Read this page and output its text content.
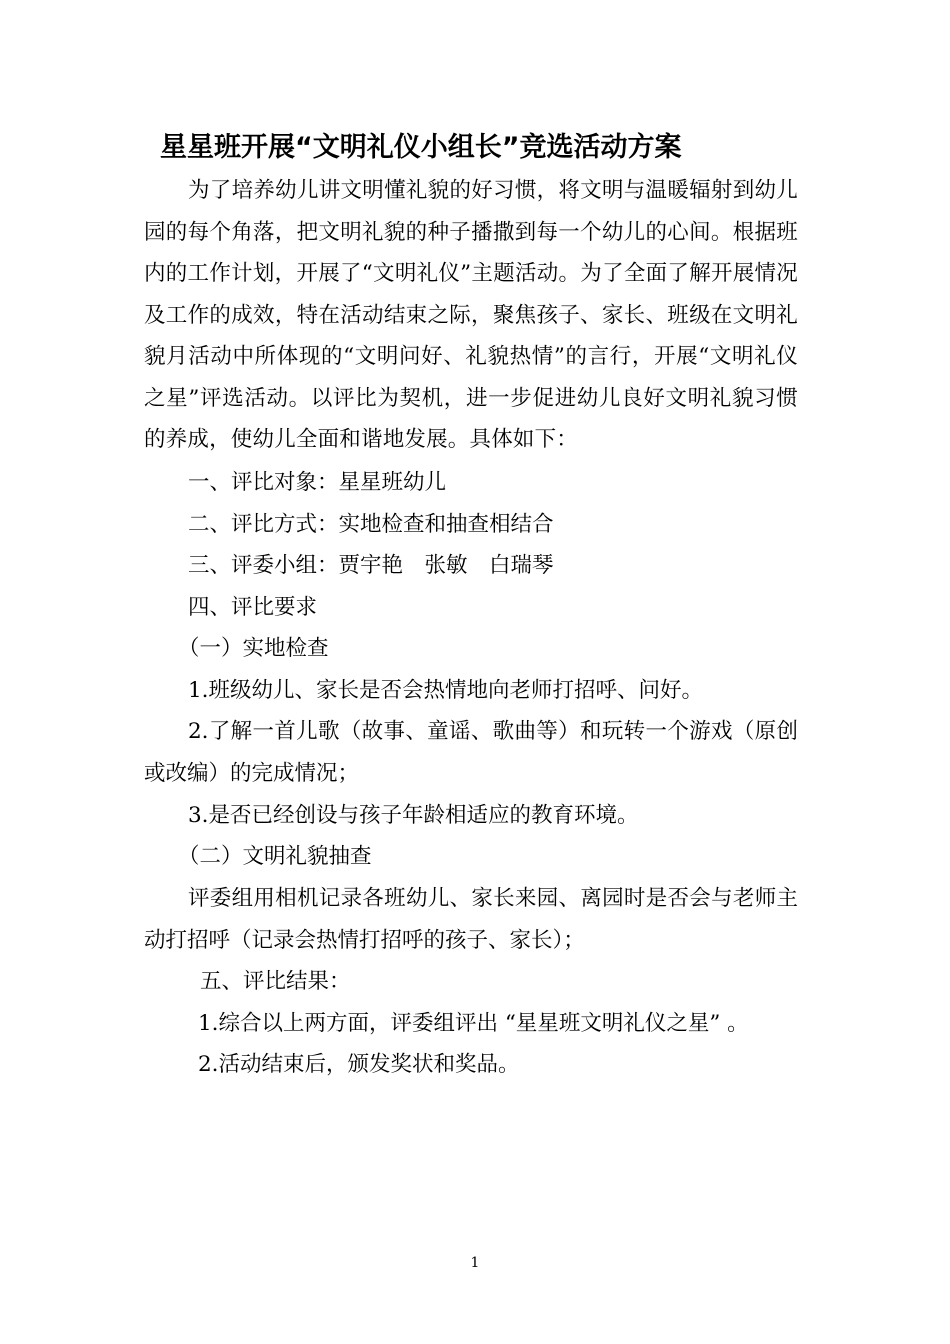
星星班开展“文明礼仪小组长”竞选活动方案

为了培养幼儿讲文明懂礼貌的好习惯，将文明与温暖辐射到幼儿园的每个角落，把文明礼貌的种子播撒到每一个幼儿的心间。根据班内的工作计划，开展了“文明礼仪”主题活动。为了全面了解开展情况及工作的成效，特在活动结束之际，聚焦孩子、家长、班级在文明礼貌月活动中所体现的“文明问好、礼貌热情”的言行，开展“文明礼仪之星”评选活动。以评比为契机，进一步促进幼儿良好文明礼貌习惯的养成，使幼儿全面和谐地发展。具体如下：

一、评比对象：星星班幼儿

二、评比方式：实地检查和抽查相结合

三、评委小组：贾宇艳　张敏　白瑞琴

四、评比要求

（一）实地检查

1.班级幼儿、家长是否会热情地向老师打招呼、问好。

2.了解一首儿歌（故事、童谣、歌曲等）和玩转一个游戏（原创或改编）的完成情况；

3.是否已经创设与孩子年龄相适应的教育环境。

（二）文明礼貌抽查

评委组用相机记录各班幼儿、家长来园、离园时是否会与老师主动打招呼（记录会热情打招呼的孩子、家长）；

五、评比结果：

1.综合以上两方面，评委组评出 “星星班文明礼仪之星” 。

2.活动结束后，颁发奖状和奖品。

1
